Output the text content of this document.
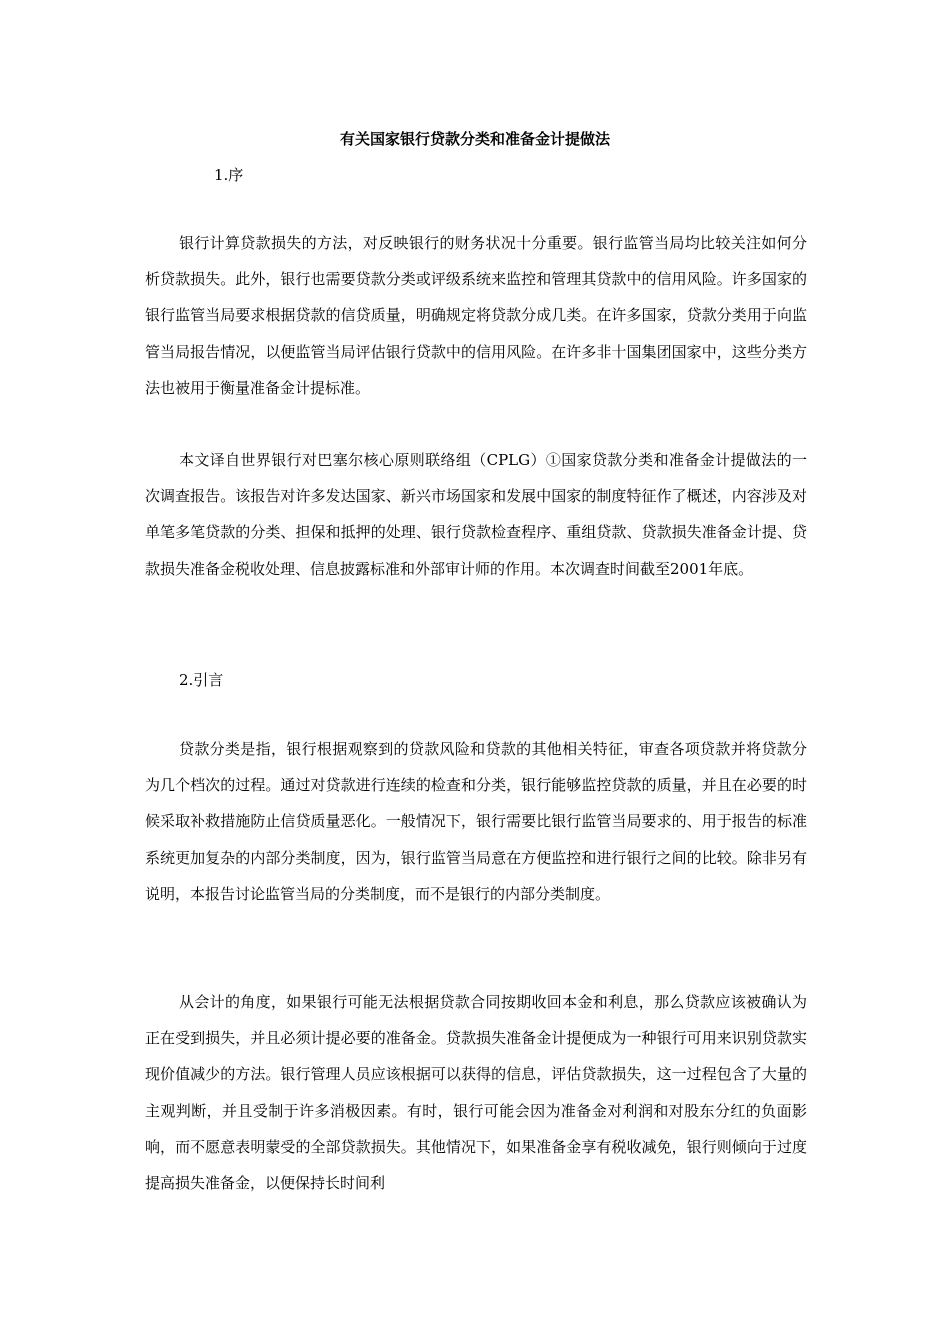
有关国家银行贷款分类和准备金计提做法
1.序

银行计算贷款损失的方法，对反映银行的财务状况十分重要。银行监管当局均比较关注如何分析贷款损失。此外，银行也需要贷款分类或评级系统来监控和管理其贷款中的信用风险。许多国家的银行监管当局要求根据贷款的信贷质量，明确规定将贷款分成几类。在许多国家，贷款分类用于向监管当局报告情况，以便监管当局评估银行贷款中的信用风险。在许多非十国集团国家中，这些分类方法也被用于衡量准备金计提标准。

本文译自世界银行对巴塞尔核心原则联络组（CPLG）①国家贷款分类和准备金计提做法的一次调查报告。该报告对许多发达国家、新兴市场国家和发展中国家的制度特征作了概述，内容涉及对单笔多笔贷款的分类、担保和抵押的处理、银行贷款检查程序、重组贷款、贷款损失准备金计提、贷款损失准备金税收处理、信息披露标准和外部审计师的作用。本次调查时间截至2001年底。

2.引言

贷款分类是指，银行根据观察到的贷款风险和贷款的其他相关特征，审查各项贷款并将贷款分为几个档次的过程。通过对贷款进行连续的检查和分类，银行能够监控贷款的质量，并且在必要的时候采取补救措施防止信贷质量恶化。一般情况下，银行需要比银行监管当局要求的、用于报告的标准系统更加复杂的内部分类制度，因为，银行监管当局意在方便监控和进行银行之间的比较。除非另有说明，本报告讨论监管当局的分类制度，而不是银行的内部分类制度。

从会计的角度，如果银行可能无法根据贷款合同按期收回本金和利息，那么贷款应该被确认为正在受到损失，并且必须计提必要的准备金。贷款损失准备金计提便成为一种银行可用来识别贷款实现价值减少的方法。银行管理人员应该根据可以获得的信息，评估贷款损失，这一过程包含了大量的主观判断，并且受制于许多消极因素。有时，银行可能会因为准备金对利润和对股东分红的负面影响，而不愿意表明蒙受的全部贷款损失。其他情况下，如果准备金享有税收减免，银行则倾向于过度提高损失准备金，以便保持长时间利
